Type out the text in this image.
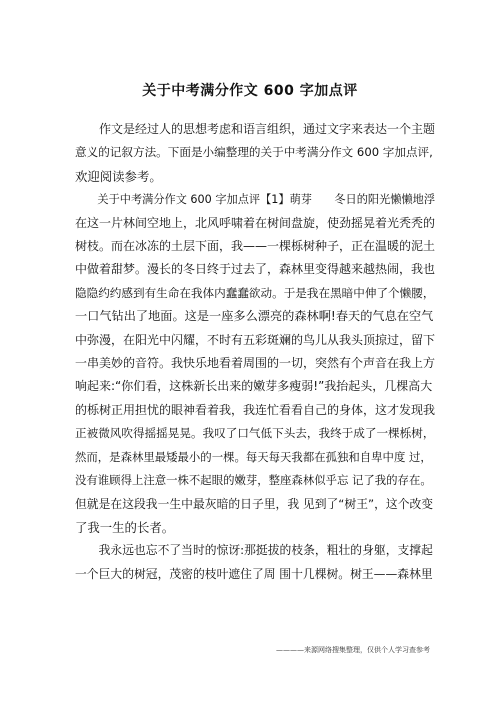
关于中考满分作文 600 字加点评

　　作文是经过人的思想考虑和语言组织，通过文字来表达一个主题
意义的记叙方法。下面是小编整理的关于中考满分作文 600 字加点评,
欢迎阅读参考。

　　关于中考满分作文 600 字加点评【1】萌芽　　冬日的阳光懒懒地浮
在这一片林间空地上，北风呼啸着在树间盘旋，使劲摇晃着光秃秃的
树枝。而在冰冻的土层下面，我——一棵栎树种子，正在温暖的泥土
中做着甜梦。漫长的冬日终于过去了，森林里变得越来越热闹，我也
隐隐约约感到有生命在我体内蠢蠢欲动。于是我在黑暗中伸了个懒腰，
一口气钻出了地面。这是一座多么漂亮的森林啊!春天的气息在空气
中弥漫，在阳光中闪耀，不时有五彩斑斓的鸟儿从我头顶掠过，留下
一串美妙的音符。我快乐地看着周围的一切，突然有个声音在我上方
响起来:“你们看，这株新长出来的嫩芽多瘦弱!”我抬起头，几棵高大
的栎树正用担忧的眼神看着我，我连忙看看自己的身体，这才发现我
正被微风吹得摇摇晃晃。我叹了口气低下头去，我终于成了一棵栎树，
然而，是森林里最矮最小的一棵。每天每天我都在孤独和自卑中度 过，
没有谁顾得上注意一株不起眼的嫩芽，整座森林似乎忘 记了我的存在。
但就是在这段我一生中最灰暗的日子里，我 见到了“树王”，这个改变
了我一生的长者。

　　我永远也忘不了当时的惊讶:那挺拔的枝条，粗壮的身躯，支撑起
一个巨大的树冠，茂密的枝叶遮住了周 围十几棵树。树王——森林里

————来源网络搜集整理，仅供个人学习查参考
